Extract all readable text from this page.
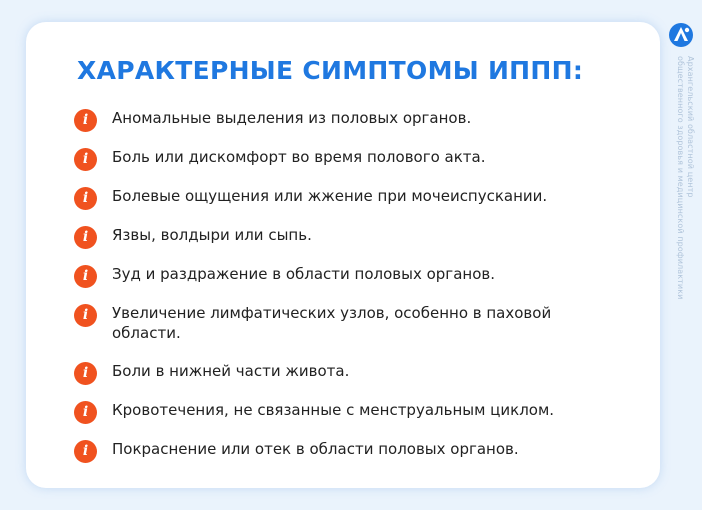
ХАРАКТЕРНЫЕ СИМПТОМЫ ИППП:
i	Аномальные выделения из половых органов.
i	Боль или дискомфорт во время полового акта.
i	Болевые ощущения или жжение при мочеиспускании.
i	Язвы, волдыри или сыпь.
i	Зуд и раздражение в области половых органов.
i	Увеличение лимфатических узлов, особенно в паховой области.
i	Боли в нижней части живота.
i	Кровотечения, не связанные с менструальным циклом.
i	Покраснение или отек в области половых органов.
Архангельский областной центр
общественного здоровья и медицинской профилактики
